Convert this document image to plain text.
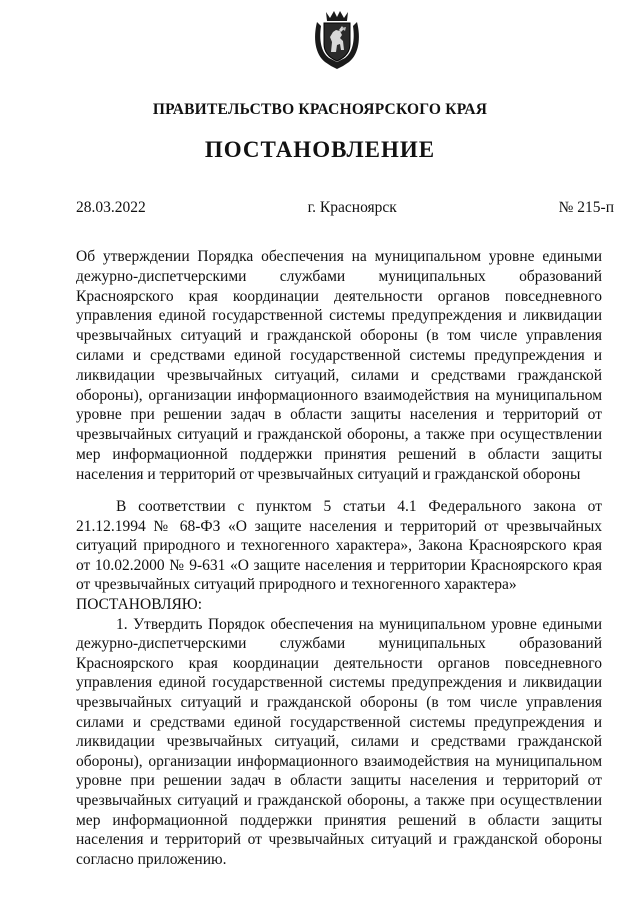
ПРАВИТЕЛЬСТВО КРАСНОЯРСКОГО КРАЯ
ПОСТАНОВЛЕНИЕ
28.03.2022	г. Красноярск	№ 215-п
Об утверждении Порядка обеспечения на муниципальном уровне едиными дежурно-диспетчерскими службами муниципальных образований Красноярского края координации деятельности органов повседневного управления единой государственной системы предупреждения и ликвидации чрезвычайных ситуаций и гражданской обороны (в том числе управления силами и средствами единой государственной системы предупреждения и ликвидации чрезвычайных ситуаций, силами и средствами гражданской обороны), организации информационного взаимодействия на муниципальном уровне при решении задач в области защиты населения и территорий от чрезвычайных ситуаций и гражданской обороны, а также при осуществлении мер информационной поддержки принятия решений в области защиты населения и территорий от чрезвычайных ситуаций и гражданской обороны

В соответствии с пунктом 5 статьи 4.1 Федерального закона от 21.12.1994 № 68-ФЗ «О защите населения и территорий от чрезвычайных ситуаций природного и техногенного характера», Закона Красноярского края от 10.02.2000 № 9-631 «О защите населения и территории Красноярского края от чрезвычайных ситуаций природного и техногенного характера»

ПОСТАНОВЛЯЮ:

1. Утвердить Порядок обеспечения на муниципальном уровне едиными дежурно-диспетчерскими службами муниципальных образований Красноярского края координации деятельности органов повседневного управления единой государственной системы предупреждения и ликвидации чрезвычайных ситуаций и гражданской обороны (в том числе управления силами и средствами единой государственной системы предупреждения и ликвидации чрезвычайных ситуаций, силами и средствами гражданской обороны), организации информационного взаимодействия на муниципальном уровне при решении задач в области защиты населения и территорий от чрезвычайных ситуаций и гражданской обороны, а также при осуществлении мер информационной поддержки принятия решений в области защиты населения и территорий от чрезвычайных ситуаций и гражданской обороны согласно приложению.
